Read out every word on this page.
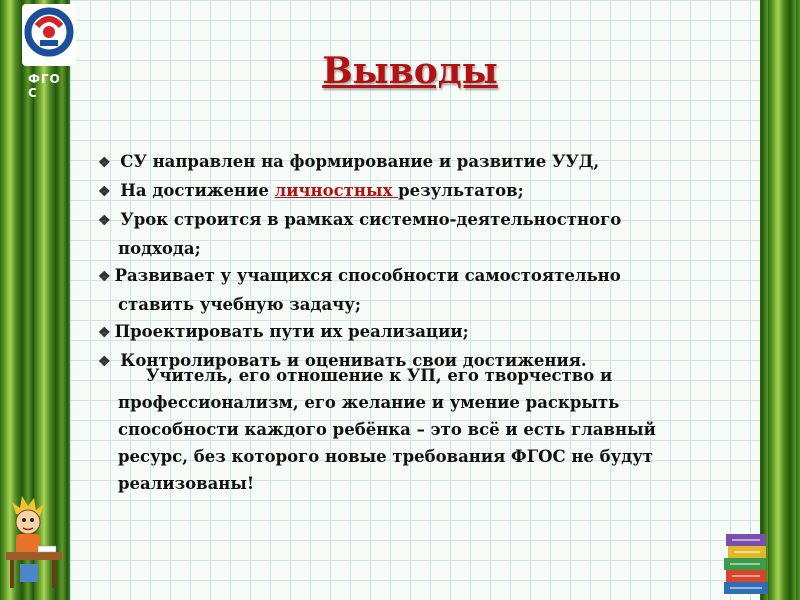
ФГОС
Выводы
❖ СУ направлен на формирование и развитие УУД,
❖ На достижение личностных результатов;
❖ Урок строится в рамках системно-деятельностного подхода;
❖ Развивает у учащихся способности самостоятельно ставить учебную задачу;
❖ Проектировать пути их реализации;
❖ Контролировать и оценивать свои достижения.

Учитель, его отношение к УП, его творчество и профессионализм, его желание и умение раскрыть способности каждого ребёнка – это всё и есть главный ресурс, без которого новые требования ФГОС не будут реализованы!
